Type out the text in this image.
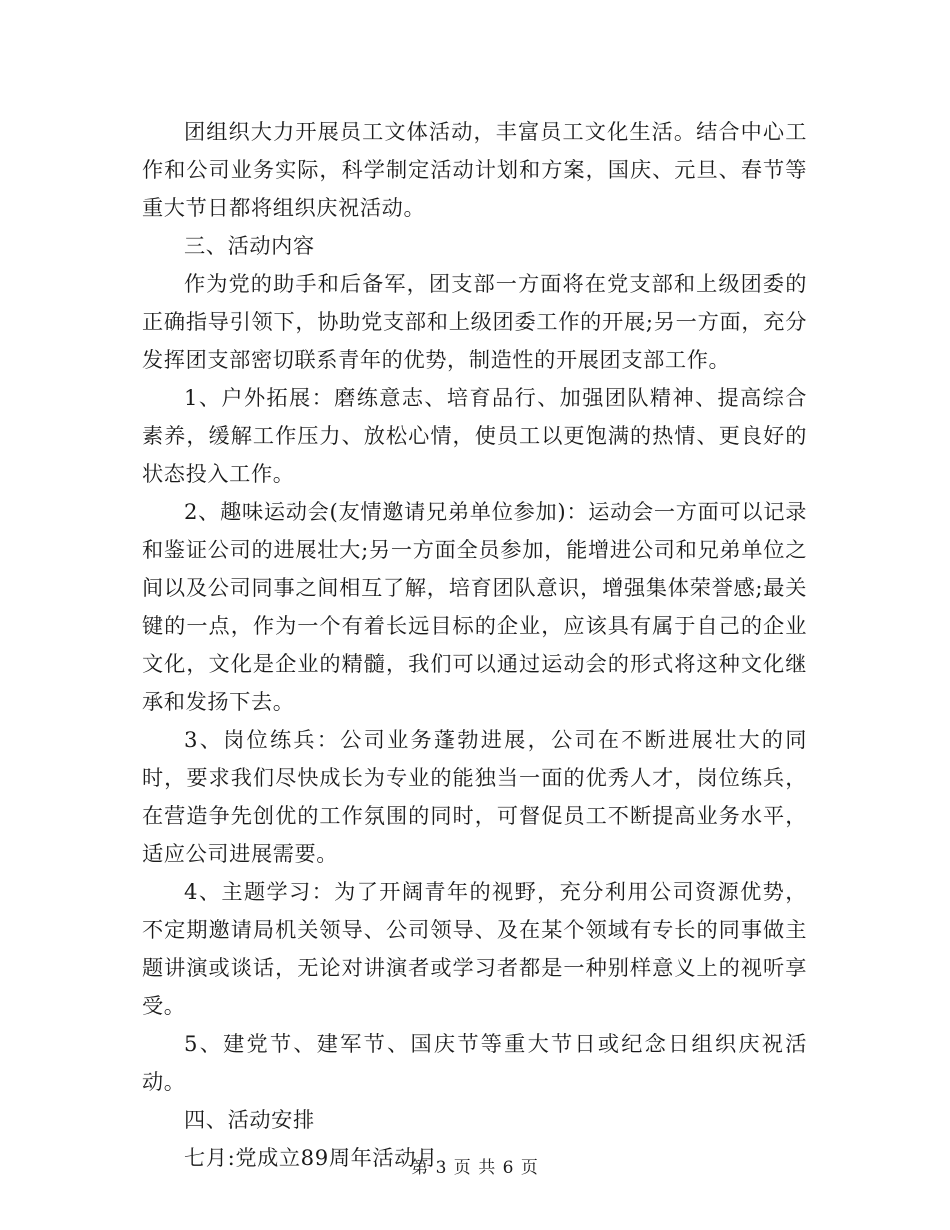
团组织大力开展员工文体活动，丰富员工文化生活。结合中心工作和公司业务实际，科学制定活动计划和方案，国庆、元旦、春节等重大节日都将组织庆祝活动。

三、活动内容

作为党的助手和后备军，团支部一方面将在党支部和上级团委的正确指导引领下，协助党支部和上级团委工作的开展;另一方面，充分发挥团支部密切联系青年的优势，制造性的开展团支部工作。

1、户外拓展：磨练意志、培育品行、加强团队精神、提高综合素养，缓解工作压力、放松心情，使员工以更饱满的热情、更良好的状态投入工作。

2、趣味运动会(友情邀请兄弟单位参加)：运动会一方面可以记录和鉴证公司的进展壮大;另一方面全员参加，能增进公司和兄弟单位之间以及公司同事之间相互了解，培育团队意识，增强集体荣誉感;最关键的一点，作为一个有着长远目标的企业，应该具有属于自己的企业文化，文化是企业的精髓，我们可以通过运动会的形式将这种文化继承和发扬下去。

3、岗位练兵：公司业务蓬勃进展，公司在不断进展壮大的同时，要求我们尽快成长为专业的能独当一面的优秀人才，岗位练兵，在营造争先创优的工作氛围的同时，可督促员工不断提高业务水平，适应公司进展需要。

4、主题学习：为了开阔青年的视野，充分利用公司资源优势，不定期邀请局机关领导、公司领导、及在某个领域有专长的同事做主题讲演或谈话，无论对讲演者或学习者都是一种别样意义上的视听享受。

5、建党节、建军节、国庆节等重大节日或纪念日组织庆祝活动。

四、活动安排

七月:党成立89周年活动月

第 3 页 共 6 页
